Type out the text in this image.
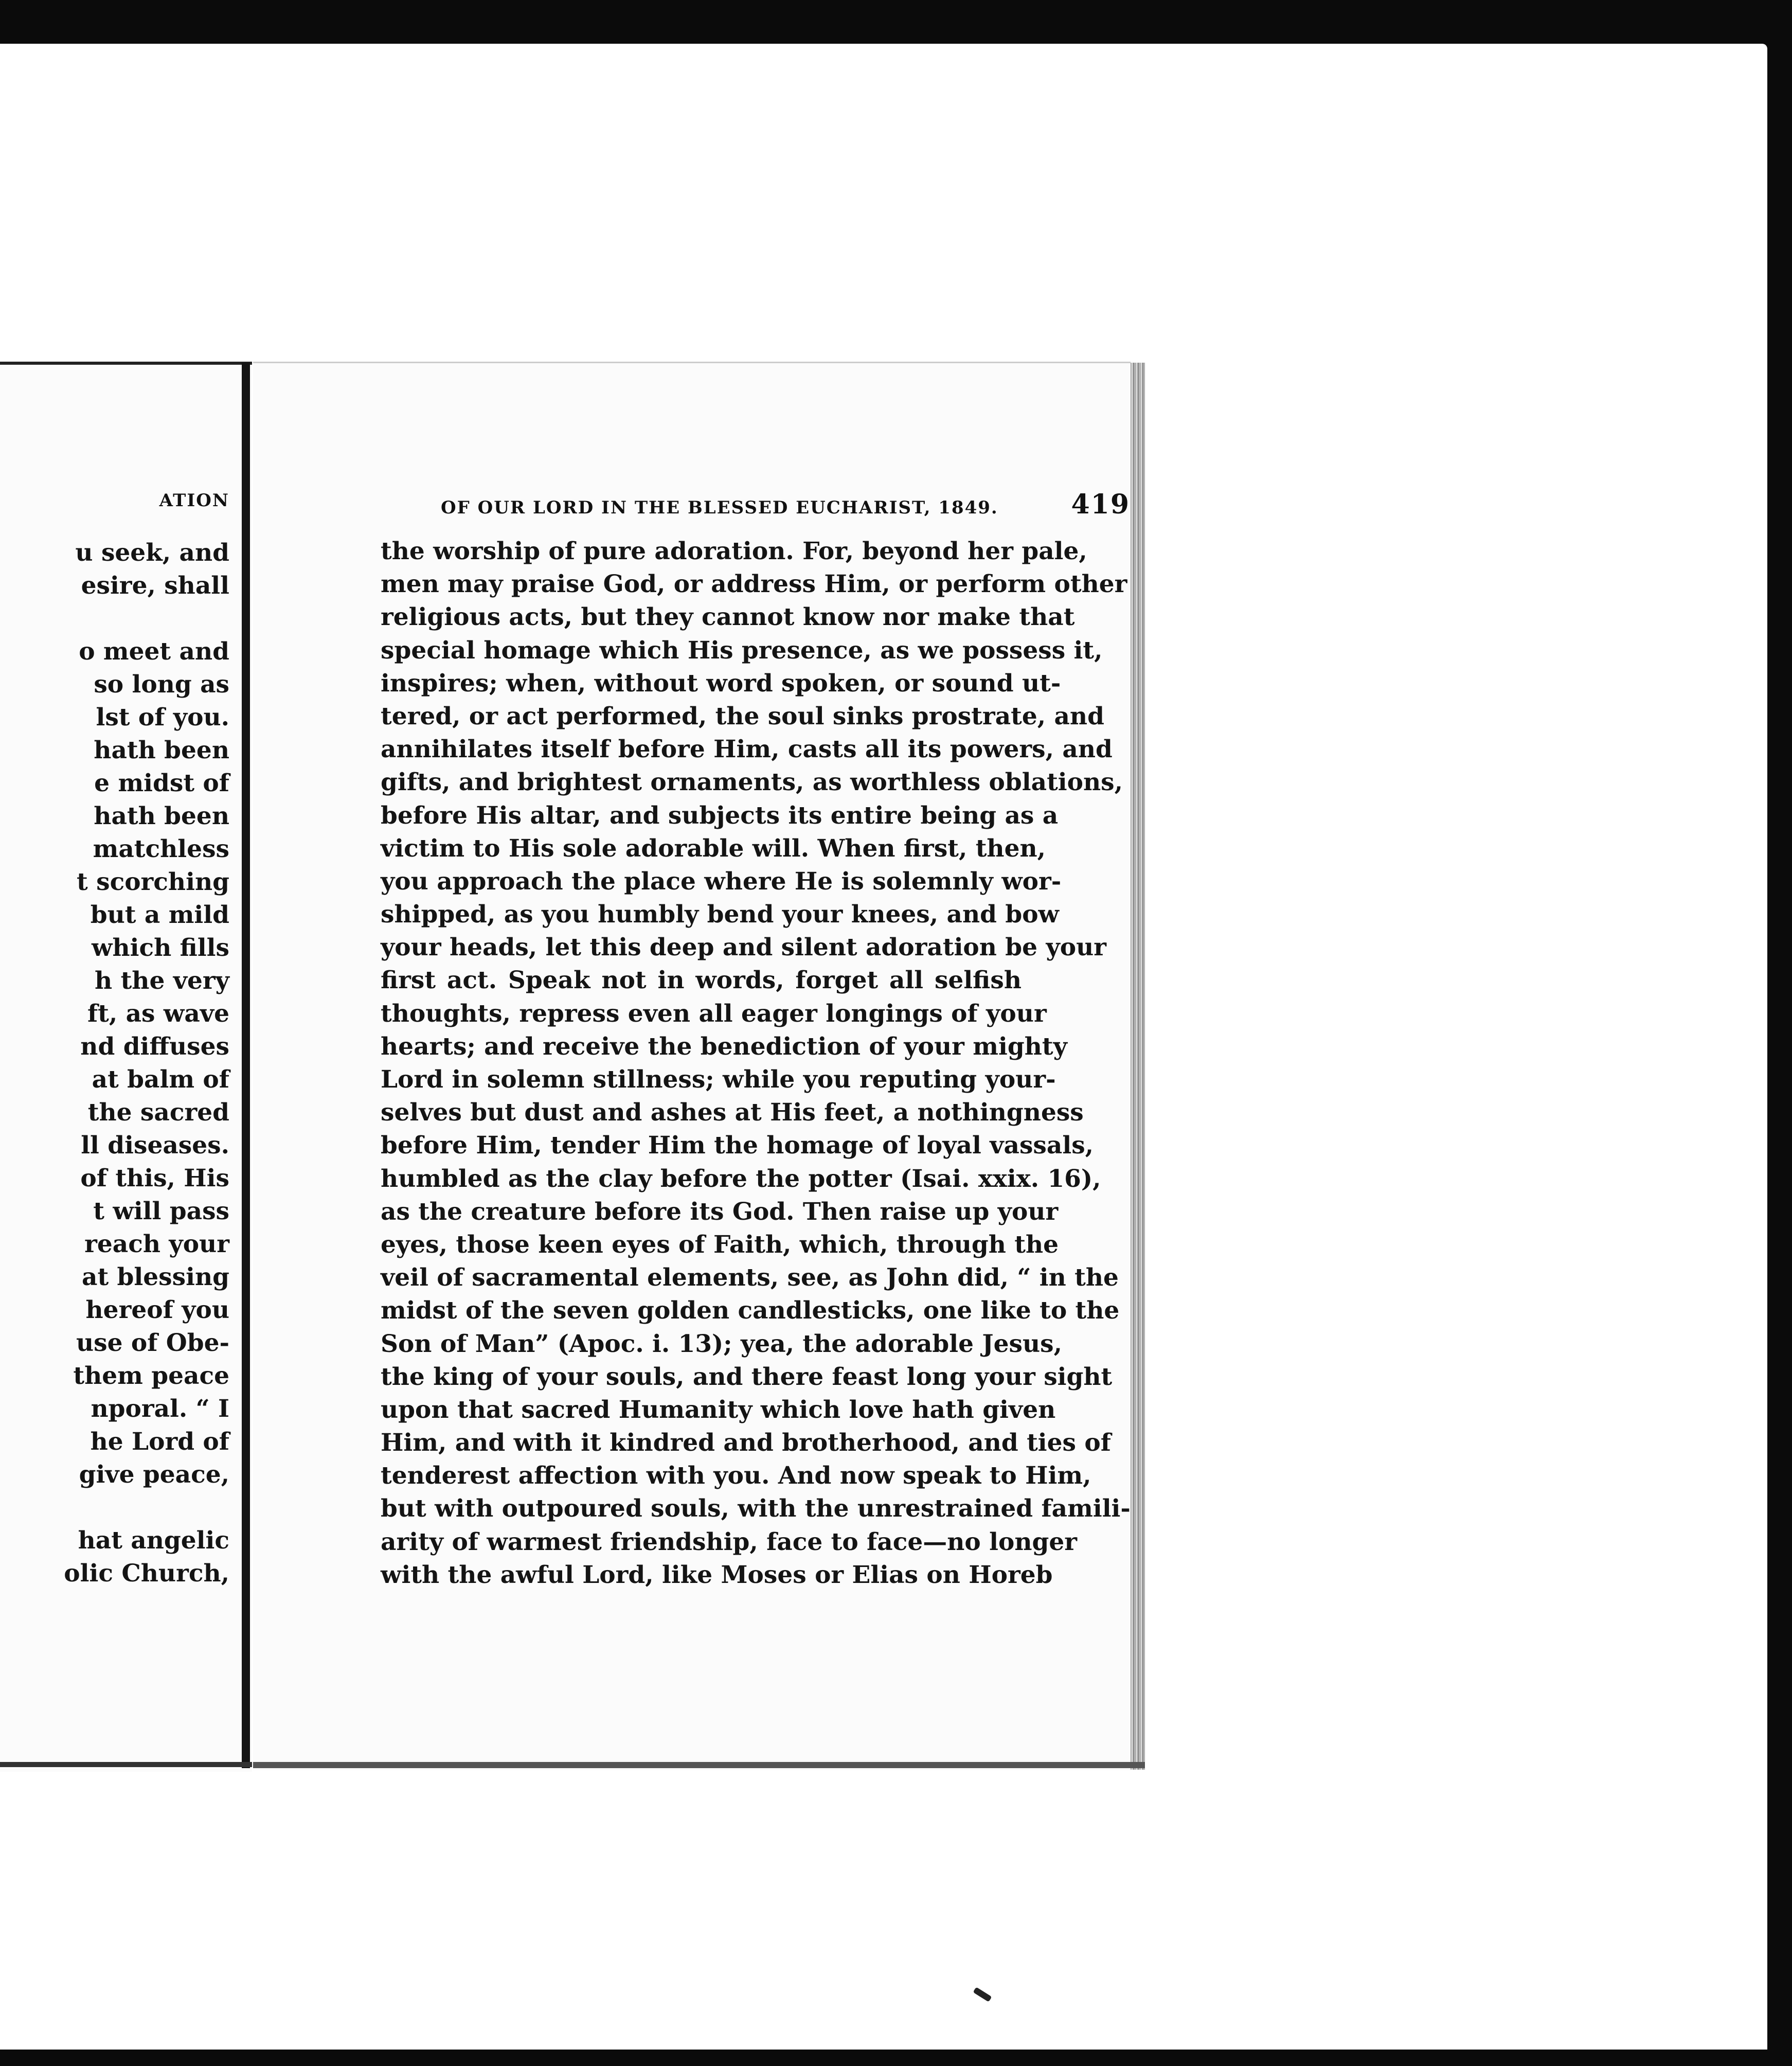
ATION
u seek, and
esire, shall
o meet and
so long as
lst of you.
hath been
e midst of
hath been
matchless
t scorching
but a mild
which fills
h the very
ft, as wave
nd diffuses
at balm of
the sacred
ll diseases.
of this, His
t will pass
reach your
at blessing
hereof you
use of Obe-
them peace
nporal. “ I
he Lord of
give peace,
hat angelic
olic Church,
OF OUR LORD IN THE BLESSED EUCHARIST, 1849.	419
the worship of pure adoration. For, beyond her pale,
men may praise God, or address Him, or perform other
religious acts, but they cannot know nor make that
special homage which His presence, as we possess it,
inspires; when, without word spoken, or sound ut-
tered, or act performed, the soul sinks prostrate, and
annihilates itself before Him, casts all its powers, and
gifts, and brightest ornaments, as worthless oblations,
before His altar, and subjects its entire being as a
victim to His sole adorable will. When first, then,
you approach the place where He is solemnly wor-
shipped, as you humbly bend your knees, and bow
your heads, let this deep and silent adoration be your
first act. Speak not in words, forget all selfish
thoughts, repress even all eager longings of your
hearts; and receive the benediction of your mighty
Lord in solemn stillness; while you reputing your-
selves but dust and ashes at His feet, a nothingness
before Him, tender Him the homage of loyal vassals,
humbled as the clay before the potter (Isai. xxix. 16),
as the creature before its God. Then raise up your
eyes, those keen eyes of Faith, which, through the
veil of sacramental elements, see, as John did, “ in the
midst of the seven golden candlesticks, one like to the
Son of Man” (Apoc. i. 13); yea, the adorable Jesus,
the king of your souls, and there feast long your sight
upon that sacred Humanity which love hath given
Him, and with it kindred and brotherhood, and ties of
tenderest affection with you. And now speak to Him,
but with outpoured souls, with the unrestrained famili-
arity of warmest friendship, face to face—no longer
with the awful Lord, like Moses or Elias on Horeb
